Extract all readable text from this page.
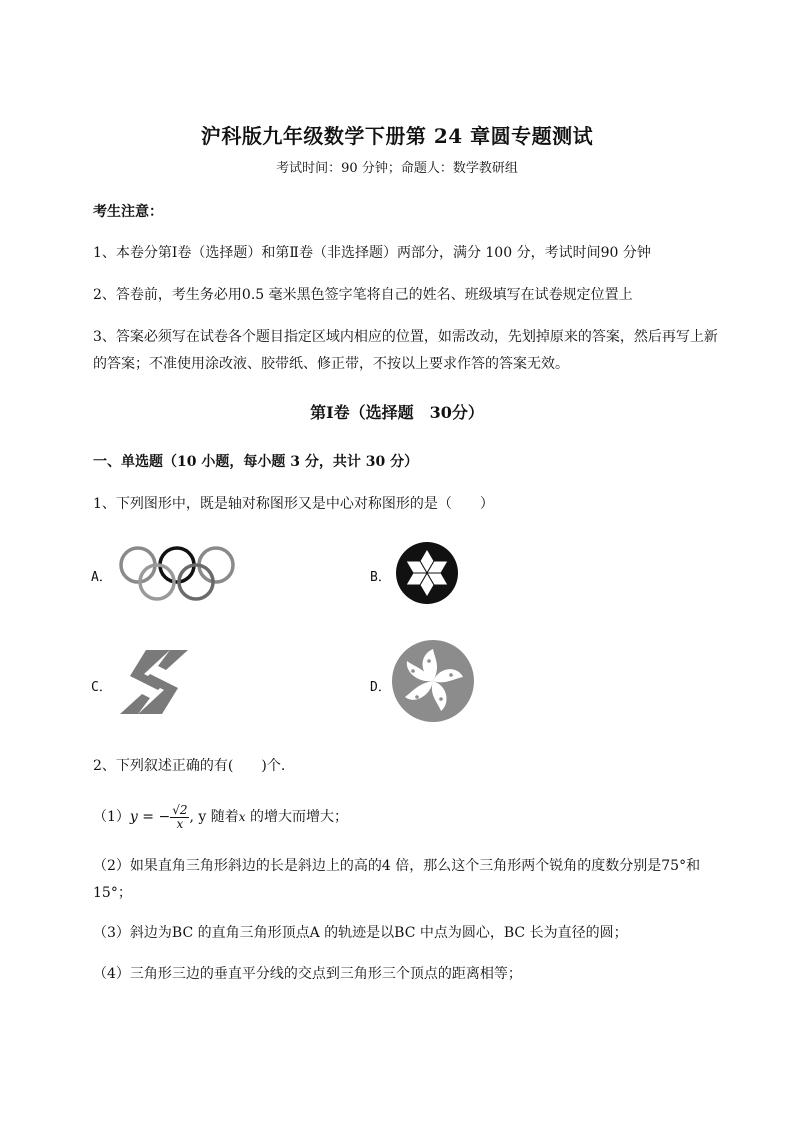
沪科版九年级数学下册第 24 章圆专题测试
考试时间：90 分钟；命题人：数学教研组
考生注意：
1、本卷分第Ⅰ卷（选择题）和第Ⅱ卷（非选择题）两部分，满分 100 分，考试时间90 分钟
2、答卷前，考生务必用0.5 毫米黑色签字笔将自己的姓名、班级填写在试卷规定位置上
3、答案必须写在试卷各个题目指定区域内相应的位置，如需改动，先划掉原来的答案，然后再写上新
的答案；不准使用涂改液、胶带纸、修正带，不按以上要求作答的答案无效。
第Ⅰ卷（选择题　30分）
一、单选题（10 小题，每小题 3 分，共计 30 分）
1、下列图形中，既是轴对称图形又是中心对称图形的是（　　）
A．	B．
C．	D．
2、下列叙述正确的有(　　)个.
（1）y = − $\frac{√2}{x}$ , y 随着x 的增大而增大；
（2）如果直角三角形斜边的长是斜边上的高的4 倍，那么这个三角形两个锐角的度数分别是75°和
15°；
（3）斜边为BC 的直角三角形顶点A 的轨迹是以BC 中点为圆心，BC 长为直径的圆；
（4）三角形三边的垂直平分线的交点到三角形三个顶点的距离相等；
